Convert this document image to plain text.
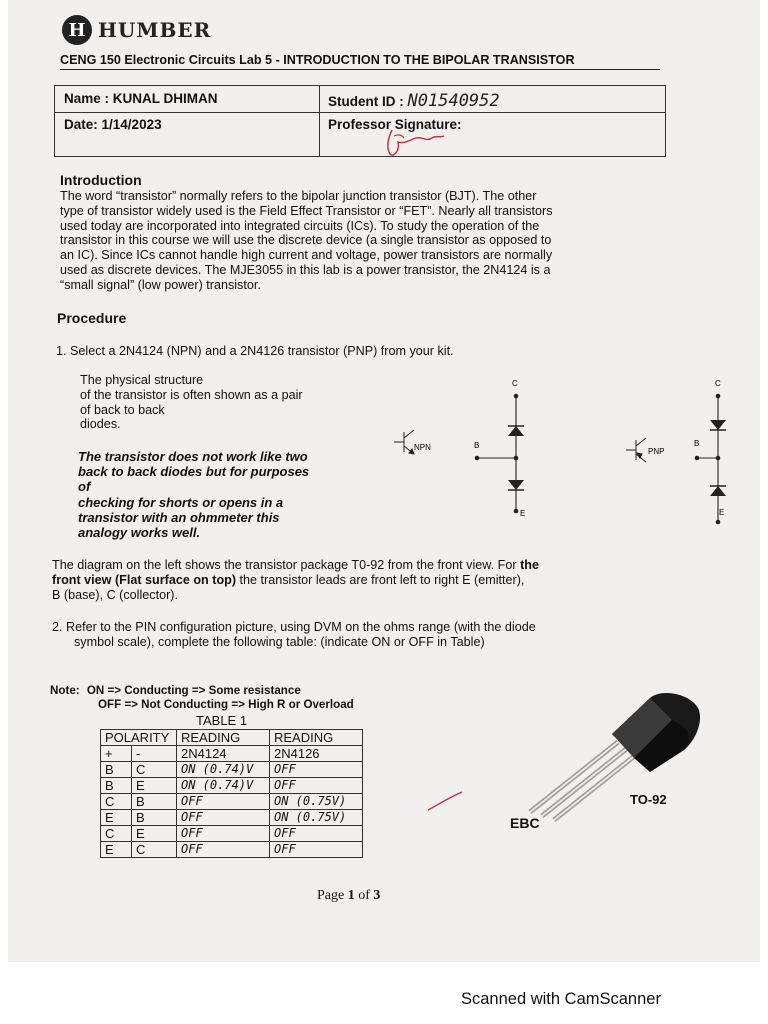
H HUMBER
CENG 150 Electronic Circuits Lab 5 - INTRODUCTION TO THE BIPOLAR TRANSISTOR
Name : KUNAL DHIMAN	Student ID : N01540952
Date: 1/14/2023	Professor Signature:
Introduction
The word “transistor” normally refers to the bipolar junction transistor (BJT). The other
type of transistor widely used is the Field Effect Transistor or “FET”. Nearly all transistors
used today are incorporated into integrated circuits (ICs). To study the operation of the
transistor in this course we will use the discrete device (a single transistor as opposed to
an IC). Since ICs cannot handle high current and voltage, power transistors are normally
used as discrete devices. The MJE3055 in this lab is a power transistor, the 2N4124 is a
“small signal” (low power) transistor.
Procedure
1. Select a 2N4124 (NPN) and a 2N4126 transistor (PNP) from your kit.
The physical structure
of the transistor is often shown as a pair
of back to back
diodes.
The transistor does not work like two
back to back diodes but for purposes
of
checking for shorts or opens in a
transistor with an ohmmeter this
analogy works well.
NPN
C
B
E
PNP
C
B
E
The diagram on the left shows the transistor package T0-92 from the front view. For the
front view (Flat surface on top) the transistor leads are front left to right E (emitter),
B (base), C (collector).
2. Refer to the PIN configuration picture, using DVM on the ohms range (with the diode
symbol scale), complete the following table: (indicate ON or OFF in Table)
Note: ON => Conducting => Some resistance
OFF => Not Conducting => High R or Overload
TABLE 1
POLARITY		READING	READING
+	-	2N4124	2N4126
B	C	ON (0.74)V	OFF
B	E	ON (0.74)V	OFF
C	B	OFF	ON (0.75V)
E	B	OFF	ON (0.75V)
C	E	OFF	OFF
E	C	OFF	OFF
EBC
TO-92
Page 1 of 3
Scanned with CamScanner
